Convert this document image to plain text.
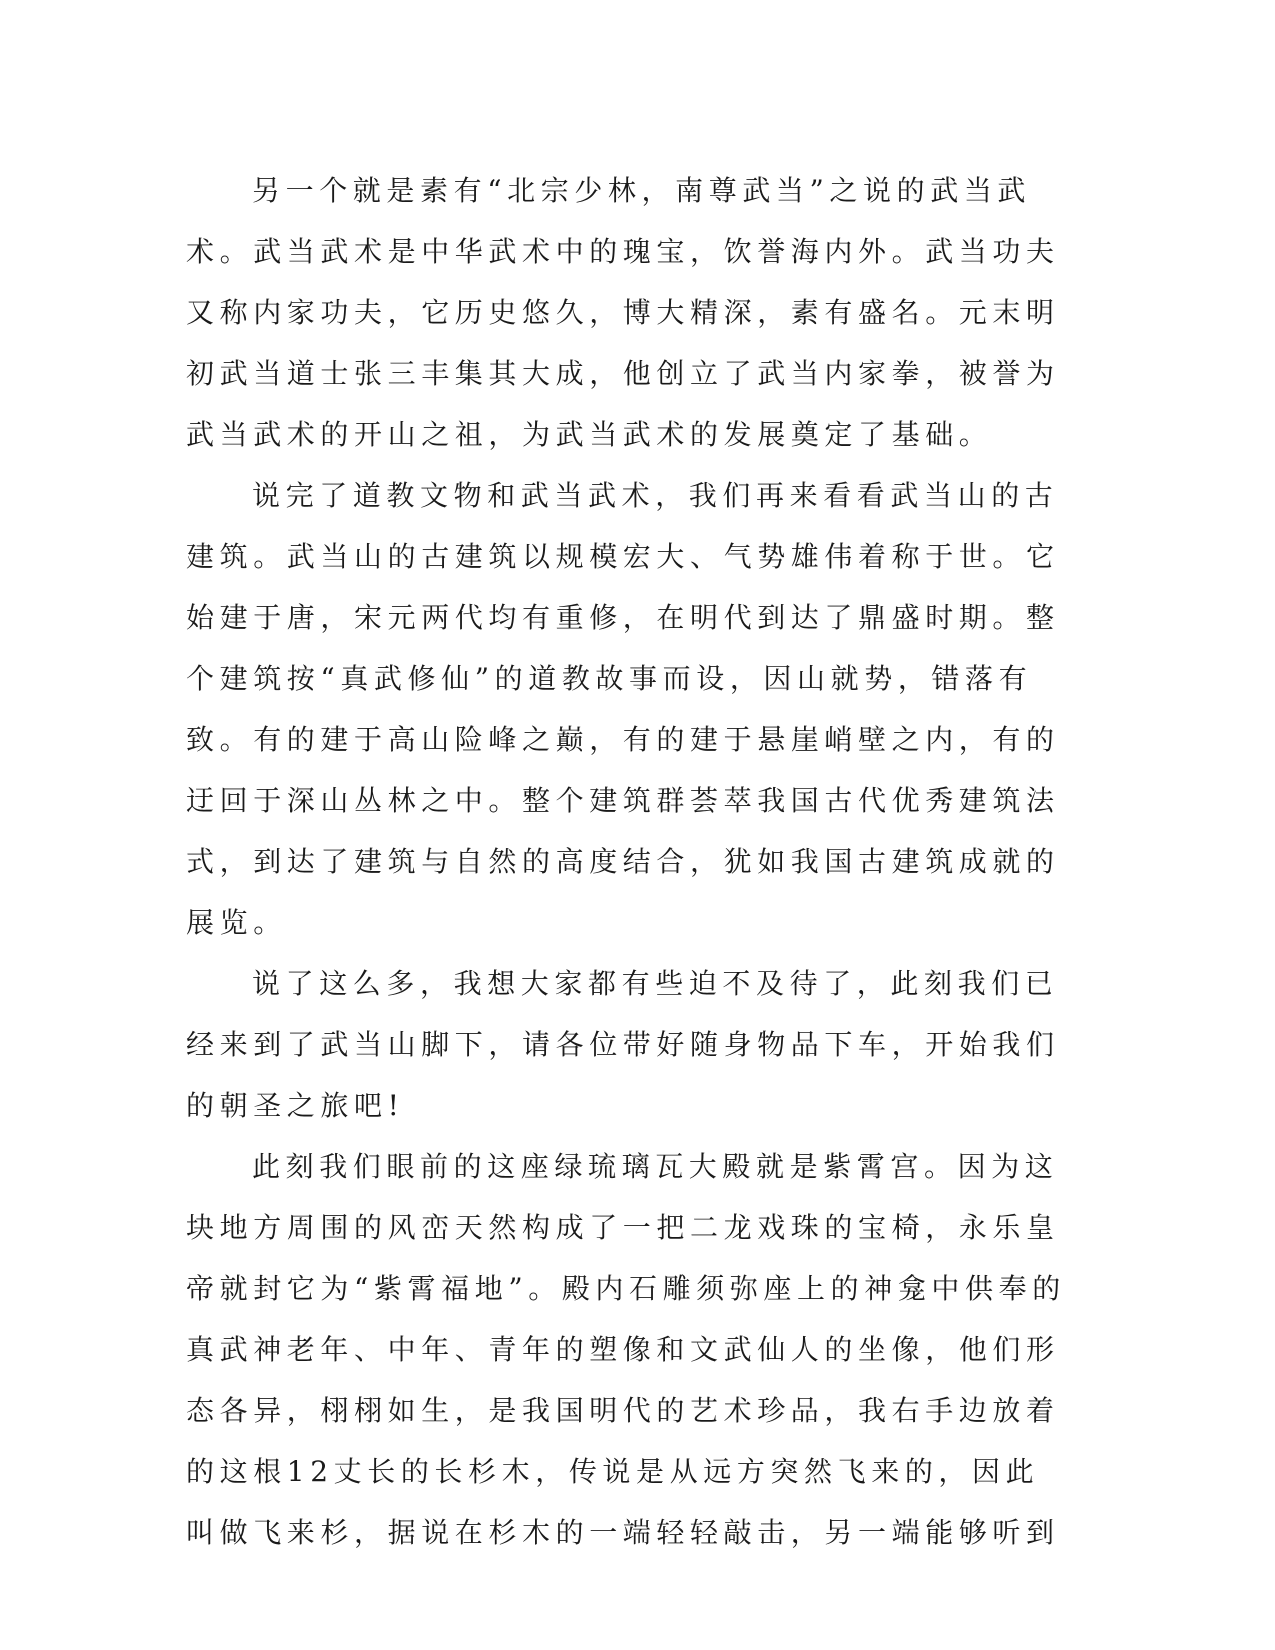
另一个就是素有“北宗少林，南尊武当”之说的武当武术。武当武术是中华武术中的瑰宝，饮誉海内外。武当功夫又称内家功夫，它历史悠久，博大精深，素有盛名。元末明初武当道士张三丰集其大成，他创立了武当内家拳，被誉为武当武术的开山之祖，为武当武术的发展奠定了基础。

说完了道教文物和武当武术，我们再来看看武当山的古建筑。武当山的古建筑以规模宏大、气势雄伟着称于世。它始建于唐，宋元两代均有重修，在明代到达了鼎盛时期。整个建筑按“真武修仙”的道教故事而设，因山就势，错落有致。有的建于高山险峰之巅，有的建于悬崖峭壁之内，有的迂回于深山丛林之中。整个建筑群荟萃我国古代优秀建筑法式，到达了建筑与自然的高度结合，犹如我国古建筑成就的展览。

说了这么多，我想大家都有些迫不及待了，此刻我们已经来到了武当山脚下，请各位带好随身物品下车，开始我们的朝圣之旅吧!

此刻我们眼前的这座绿琉璃瓦大殿就是紫霄宫。因为这块地方周围的风峦天然构成了一把二龙戏珠的宝椅，永乐皇帝就封它为“紫霄福地”。殿内石雕须弥座上的神龛中供奉的真武神老年、中年、青年的塑像和文武仙人的坐像，他们形态各异，栩栩如生，是我国明代的艺术珍品，我右手边放着的这根12丈长的长杉木，传说是从远方突然飞来的，因此叫做飞来杉，据说在杉木的一端轻轻敲击，另一端能够听到
